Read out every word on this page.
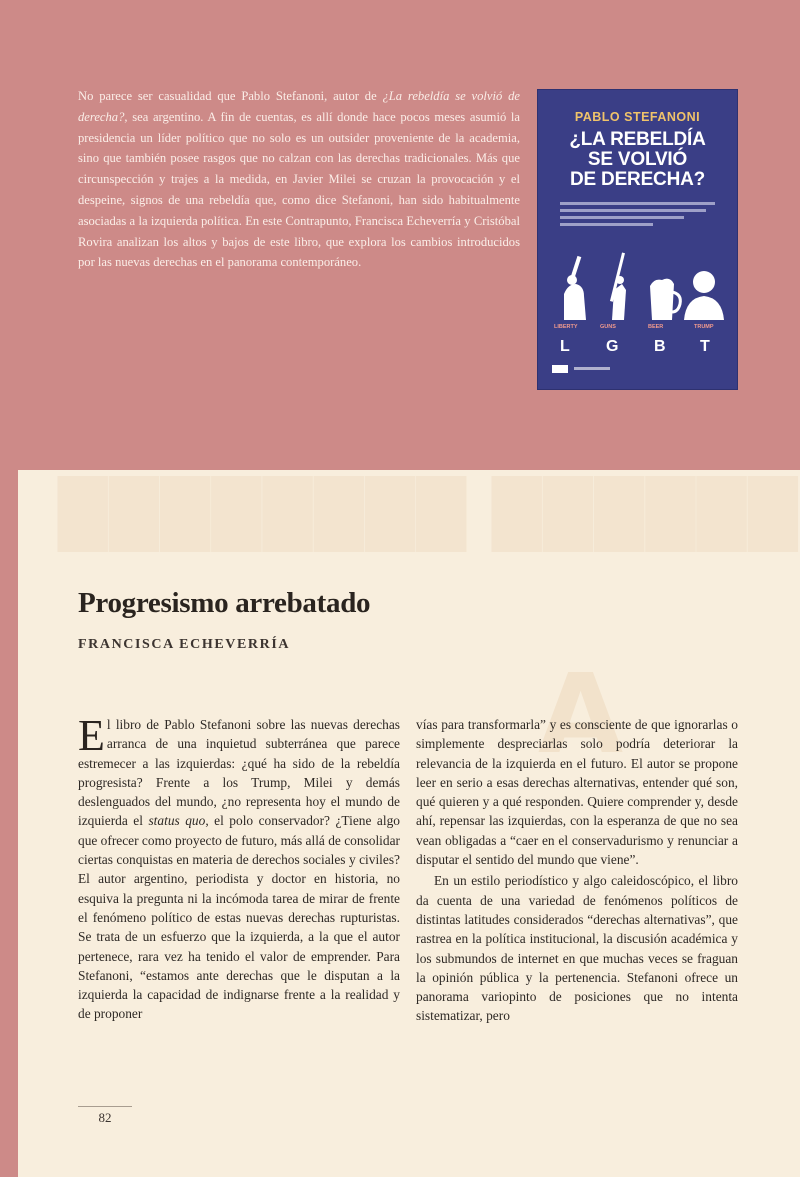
No parece ser casualidad que Pablo Stefanoni, autor de ¿La rebeldía se volvió de derecha?, sea argentino. A fin de cuentas, es allí donde hace pocos meses asumió la presidencia un líder político que no solo es un outsider proveniente de la academia, sino que también posee rasgos que no calzan con las derechas tradicionales. Más que circunspección y trajes a la medida, en Javier Milei se cruzan la provocación y el despeine, signos de una rebeldía que, como dice Stefanoni, han sido habitualmente asociadas a la izquierda política. En este Contrapunto, Francisca Echeverría y Cristóbal Rovira analizan los altos y bajos de este libro, que explora los cambios introducidos por las nuevas derechas en el panorama contemporáneo.

PABLO STEFANONI
¿LA REBELDÍA
SE VOLVIÓ
DE DERECHA?
LIBERTY	GUNS	BEER	TRUMP
L G B T
████████ ██████
A
Progresismo arrebatado
FRANCISCA ECHEVERRÍA

El libro de Pablo Stefanoni sobre las nuevas derechas arranca de una inquietud subterránea que parece estremecer a las izquierdas: ¿qué ha sido de la rebeldía progresista? Frente a los Trump, Milei y demás deslenguados del mundo, ¿no representa hoy el mundo de izquierda el status quo, el polo conservador? ¿Tiene algo que ofrecer como proyecto de futuro, más allá de consolidar ciertas conquistas en materia de derechos sociales y civiles? El autor argentino, periodista y doctor en historia, no esquiva la pregunta ni la incómoda tarea de mirar de frente el fenómeno político de estas nuevas derechas rupturistas. Se trata de un esfuerzo que la izquierda, a la que el autor pertenece, rara vez ha tenido el valor de emprender. Para Stefanoni, “estamos ante derechas que le disputan a la izquierda la capacidad de indignarse frente a la realidad y de proponer

vías para transformarla” y es consciente de que ignorarlas o simplemente despreciarlas solo podría deteriorar la relevancia de la izquierda en el futuro. El autor se propone leer en serio a esas derechas alternativas, entender qué son, qué quieren y a qué responden. Quiere comprender y, desde ahí, repensar las izquierdas, con la esperanza de que no sea vean obligadas a “caer en el conservadurismo y renunciar a disputar el sentido del mundo que viene”.

En un estilo periodístico y algo caleidoscópico, el libro da cuenta de una variedad de fenómenos políticos de distintas latitudes considerados “derechas alternativas”, que rastrea en la política institucional, la discusión académica y los submundos de internet en que muchas veces se fraguan la opinión pública y la pertenencia. Stefanoni ofrece un panorama variopinto de posiciones que no intenta sistematizar, pero

82
